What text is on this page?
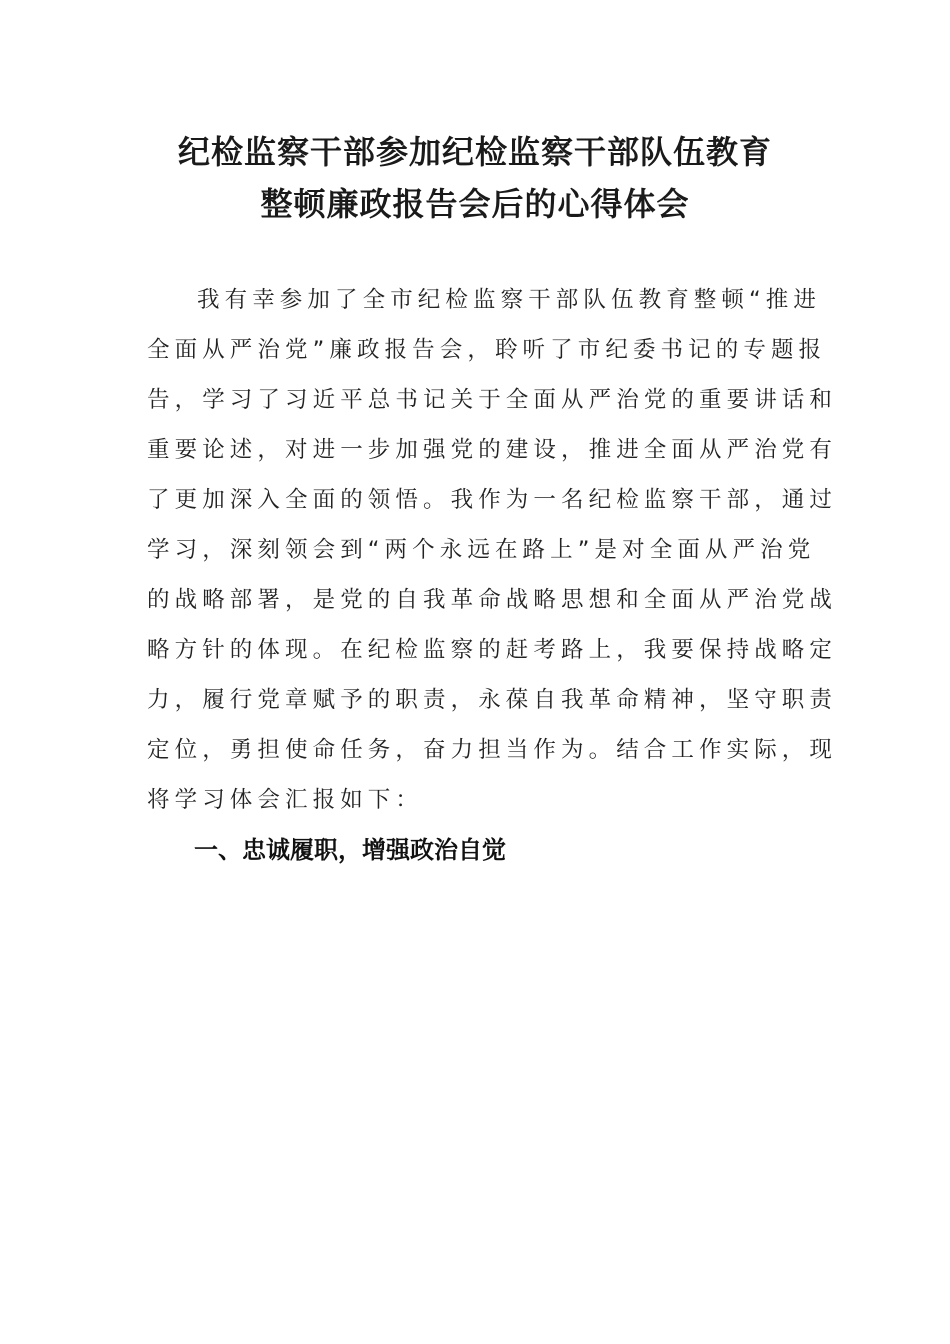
纪检监察干部参加纪检监察干部队伍教育
整顿廉政报告会后的心得体会
我有幸参加了全市纪检监察干部队伍教育整顿“推进
全面从严治党”廉政报告会，聆听了市纪委书记的专题报
告，学习了习近平总书记关于全面从严治党的重要讲话和
重要论述，对进一步加强党的建设，推进全面从严治党有
了更加深入全面的领悟。我作为一名纪检监察干部，通过
学习，深刻领会到“两个永远在路上”是对全面从严治党
的战略部署，是党的自我革命战略思想和全面从严治党战
略方针的体现。在纪检监察的赶考路上，我要保持战略定
力，履行党章赋予的职责，永葆自我革命精神，坚守职责
定位，勇担使命任务，奋力担当作为。结合工作实际，现
将学习体会汇报如下：
一、忠诚履职，增强政治自觉
